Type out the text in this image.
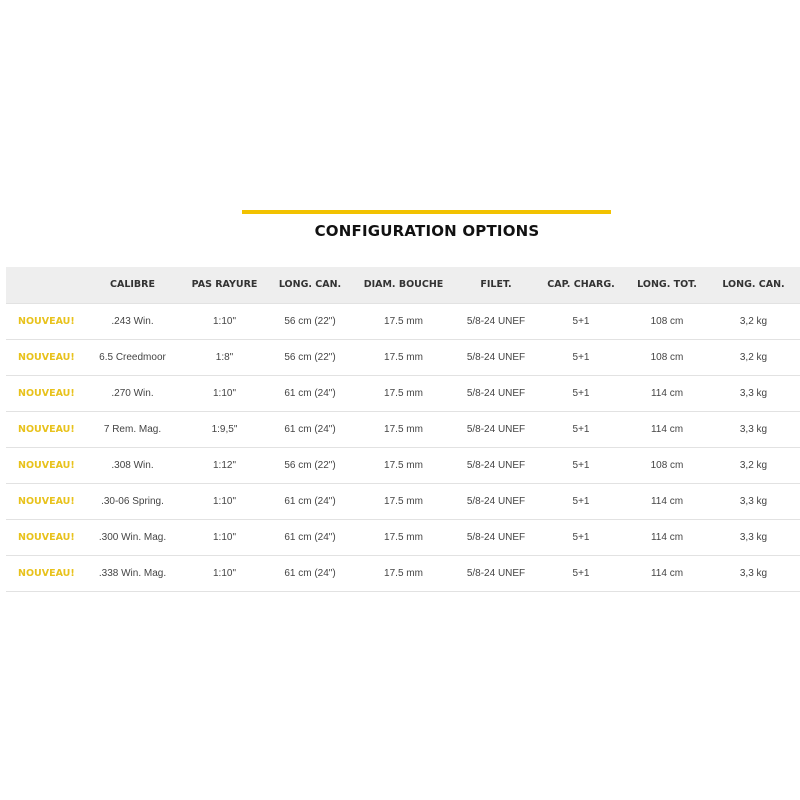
CONFIGURATION OPTIONS
	CALIBRE	PAS RAYURE	LONG. CAN.	DIAM. BOUCHE	FILET.	CAP. CHARG.	LONG. TOT.	LONG. CAN.
NOUVEAU!	.243 Win.	1:10"	56 cm (22")	17.5 mm	5/8-24 UNEF	5+1	108 cm	3,2 kg
NOUVEAU!	6.5 Creedmoor	1:8"	56 cm (22")	17.5 mm	5/8-24 UNEF	5+1	108 cm	3,2 kg
NOUVEAU!	.270 Win.	1:10"	61 cm (24")	17.5 mm	5/8-24 UNEF	5+1	114 cm	3,3 kg
NOUVEAU!	7 Rem. Mag.	1:9,5"	61 cm (24")	17.5 mm	5/8-24 UNEF	5+1	114 cm	3,3 kg
NOUVEAU!	.308 Win.	1:12"	56 cm (22")	17.5 mm	5/8-24 UNEF	5+1	108 cm	3,2 kg
NOUVEAU!	.30-06 Spring.	1:10"	61 cm (24")	17.5 mm	5/8-24 UNEF	5+1	114 cm	3,3 kg
NOUVEAU!	.300 Win. Mag.	1:10"	61 cm (24")	17.5 mm	5/8-24 UNEF	5+1	114 cm	3,3 kg
NOUVEAU!	.338 Win. Mag.	1:10"	61 cm (24")	17.5 mm	5/8-24 UNEF	5+1	114 cm	3,3 kg
